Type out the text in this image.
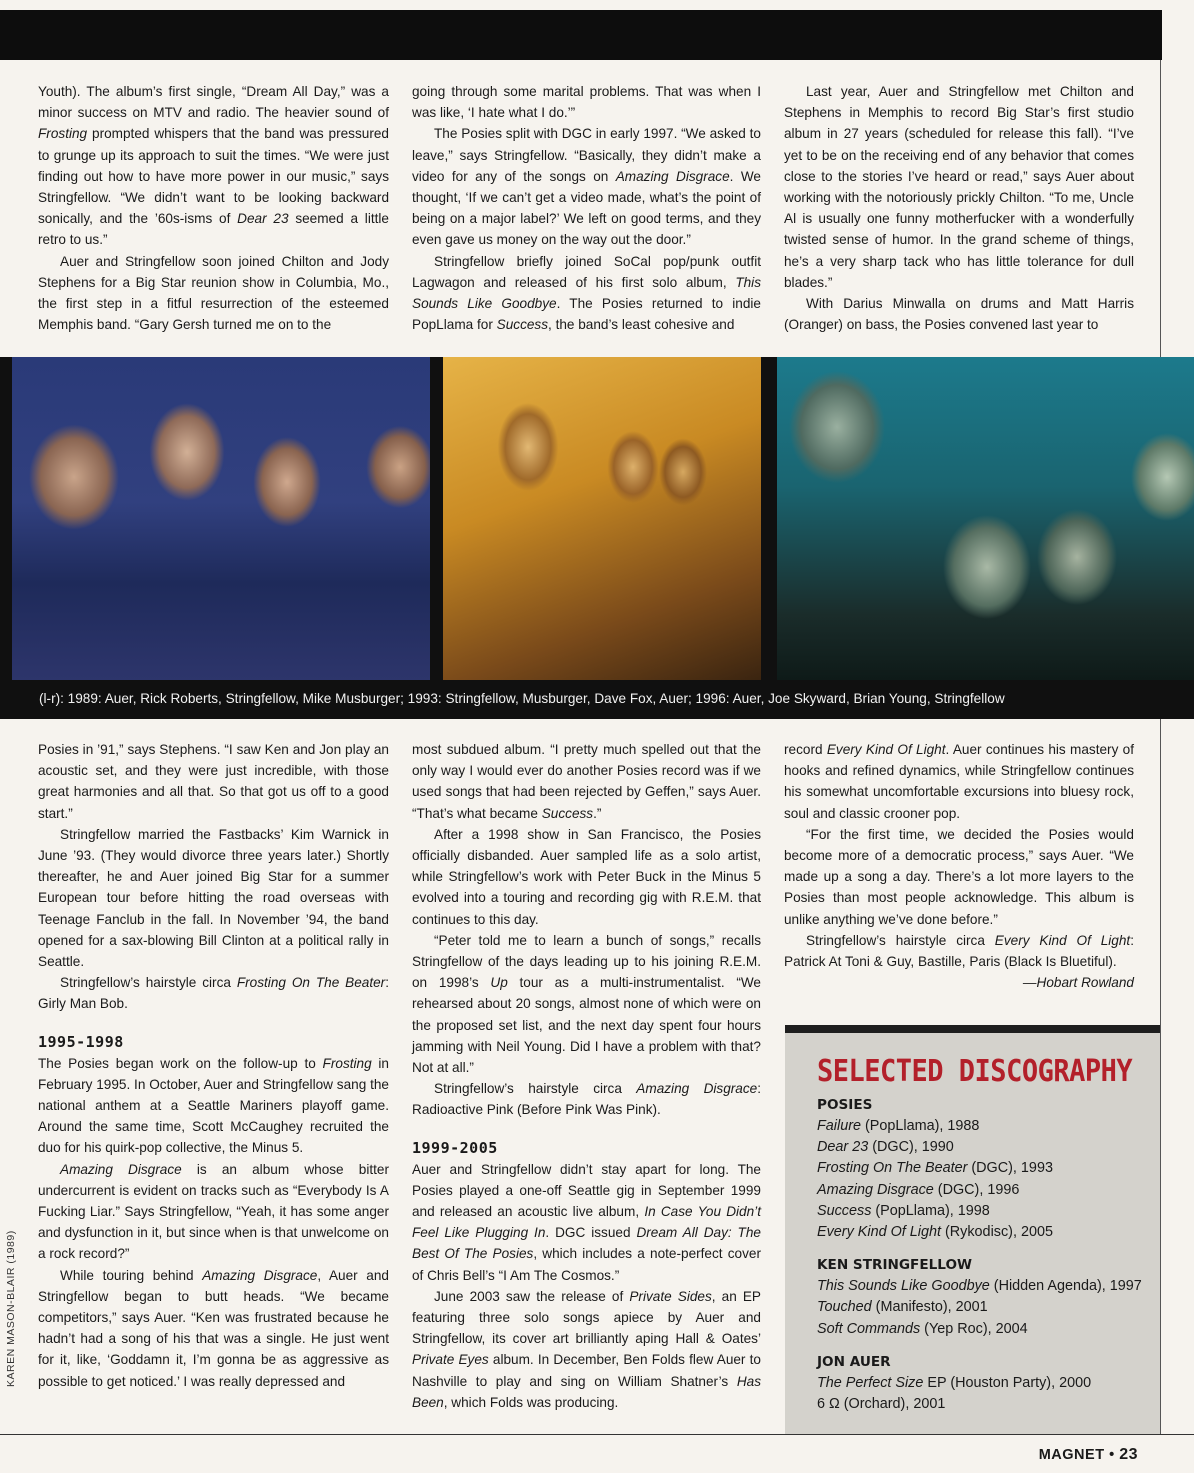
Youth). The album’s first single, “Dream All Day,” was a minor success on MTV and radio. The heavier sound of Frosting prompted whispers that the band was pressured to grunge up its approach to suit the times. “We were just finding out how to have more power in our music,” says Stringfellow. “We didn’t want to be looking backward sonically, and the ’60s-isms of Dear 23 seemed a little retro to us.”

Auer and Stringfellow soon joined Chilton and Jody Stephens for a Big Star reunion show in Columbia, Mo., the first step in a fitful resurrection of the esteemed Memphis band. “Gary Gersh turned me on to the

going through some marital problems. That was when I was like, ‘I hate what I do.’”

The Posies split with DGC in early 1997. “We asked to leave,” says Stringfellow. “Basically, they didn’t make a video for any of the songs on Amazing Disgrace. We thought, ‘If we can’t get a video made, what’s the point of being on a major label?’ We left on good terms, and they even gave us money on the way out the door.”

Stringfellow briefly joined SoCal pop/punk outfit Lagwagon and released of his first solo album, This Sounds Like Goodbye. The Posies returned to indie PopLlama for Success, the band’s least cohesive and

Last year, Auer and Stringfellow met Chilton and Stephens in Memphis to record Big Star’s first studio album in 27 years (scheduled for release this fall). “I’ve yet to be on the receiving end of any behavior that comes close to the stories I’ve heard or read,” says Auer about working with the notoriously prickly Chilton. “To me, Uncle Al is usually one funny motherfucker with a wonderfully twisted sense of humor. In the grand scheme of things, he’s a very sharp tack who has little tolerance for dull blades.”

With Darius Minwalla on drums and Matt Harris (Oranger) on bass, the Posies convened last year to

(l-r): 1989: Auer, Rick Roberts, Stringfellow, Mike Musburger; 1993: Stringfellow, Musburger, Dave Fox, Auer; 1996: Auer, Joe Skyward, Brian Young, Stringfellow

Posies in ’91,” says Stephens. “I saw Ken and Jon play an acoustic set, and they were just incredible, with those great harmonies and all that. So that got us off to a good start.”

Stringfellow married the Fastbacks’ Kim Warnick in June ’93. (They would divorce three years later.) Shortly thereafter, he and Auer joined Big Star for a summer European tour before hitting the road overseas with Teenage Fanclub in the fall. In November ’94, the band opened for a sax-blowing Bill Clinton at a political rally in Seattle.

Stringfellow’s hairstyle circa Frosting On The Beater: Girly Man Bob.

1995-1998

The Posies began work on the follow-up to Frosting in February 1995. In October, Auer and Stringfellow sang the national anthem at a Seattle Mariners playoff game. Around the same time, Scott McCaughey recruited the duo for his quirk-pop collective, the Minus 5.

Amazing Disgrace is an album whose bitter undercurrent is evident on tracks such as “Everybody Is A Fucking Liar.” Says Stringfellow, “Yeah, it has some anger and dysfunction in it, but since when is that unwelcome on a rock record?”

While touring behind Amazing Disgrace, Auer and Stringfellow began to butt heads. “We became competitors,” says Auer. “Ken was frustrated because he hadn’t had a song of his that was a single. He just went for it, like, ‘Goddamn it, I’m gonna be as aggressive as possible to get noticed.’ I was really depressed and

most subdued album. “I pretty much spelled out that the only way I would ever do another Posies record was if we used songs that had been rejected by Geffen,” says Auer. “That’s what became Success.”

After a 1998 show in San Francisco, the Posies officially disbanded. Auer sampled life as a solo artist, while Stringfellow’s work with Peter Buck in the Minus 5 evolved into a touring and recording gig with R.E.M. that continues to this day.

“Peter told me to learn a bunch of songs,” recalls Stringfellow of the days leading up to his joining R.E.M. on 1998’s Up tour as a multi-instrumentalist. “We rehearsed about 20 songs, almost none of which were on the proposed set list, and the next day spent four hours jamming with Neil Young. Did I have a problem with that? Not at all.”

Stringfellow’s hairstyle circa Amazing Disgrace: Radioactive Pink (Before Pink Was Pink).

1999-2005

Auer and Stringfellow didn’t stay apart for long. The Posies played a one-off Seattle gig in September 1999 and released an acoustic live album, In Case You Didn’t Feel Like Plugging In. DGC issued Dream All Day: The Best Of The Posies, which includes a note-perfect cover of Chris Bell’s “I Am The Cosmos.”

June 2003 saw the release of Private Sides, an EP featuring three solo songs apiece by Auer and Stringfellow, its cover art brilliantly aping Hall & Oates’ Private Eyes album. In December, Ben Folds flew Auer to Nashville to play and sing on William Shatner’s Has Been, which Folds was producing.

record Every Kind Of Light. Auer continues his mastery of hooks and refined dynamics, while Stringfellow continues his somewhat uncomfortable excursions into bluesy rock, soul and classic crooner pop.

“For the first time, we decided the Posies would become more of a democratic process,” says Auer. “We made up a song a day. There’s a lot more layers to the Posies than most people acknowledge. This album is unlike anything we’ve done before.”

Stringfellow’s hairstyle circa Every Kind Of Light: Patrick At Toni & Guy, Bastille, Paris (Black Is Bluetiful).

—Hobart Rowland

SELECTED DISCOGRAPHY
POSIES
Failure (PopLlama), 1988
Dear 23 (DGC), 1990
Frosting On The Beater (DGC), 1993
Amazing Disgrace (DGC), 1996
Success (PopLlama), 1998
Every Kind Of Light (Rykodisc), 2005
KEN STRINGFELLOW
This Sounds Like Goodbye (Hidden Agenda), 1997
Touched (Manifesto), 2001
Soft Commands (Yep Roc), 2004
JON AUER
The Perfect Size EP (Houston Party), 2000
6 Ω (Orchard), 2001
KAREN MASON-BLAIR (1989)
MAGNET • 23
